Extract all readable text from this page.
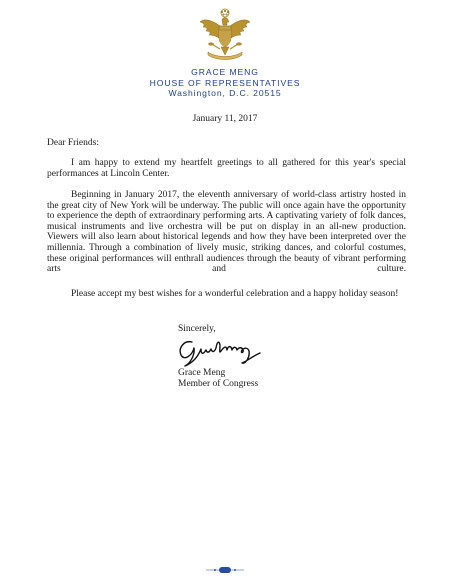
GRACE MENG
HOUSE OF REPRESENTATIVES
Washington, D.C. 20515
January 11, 2017
Dear Friends:

I am happy to extend my heartfelt greetings to all gathered for this year's special performances at Lincoln Center.

Beginning in January 2017, the eleventh anniversary of world-class artistry hosted in the great city of New York will be underway. The public will once again have the opportunity to experience the depth of extraordinary performing arts. A captivating variety of folk dances, musical instruments and live orchestra will be put on display in an all-new production. Viewers will also learn about historical legends and how they have been interpreted over the millennia. Through a combination of lively music, striking dances, and colorful costumes, these original performances will enthrall audiences through the beauty of vibrant performing arts and culture.

Please accept my best wishes for a wonderful celebration and a happy holiday season!

Sincerely,
Grace Meng
Member of Congress
